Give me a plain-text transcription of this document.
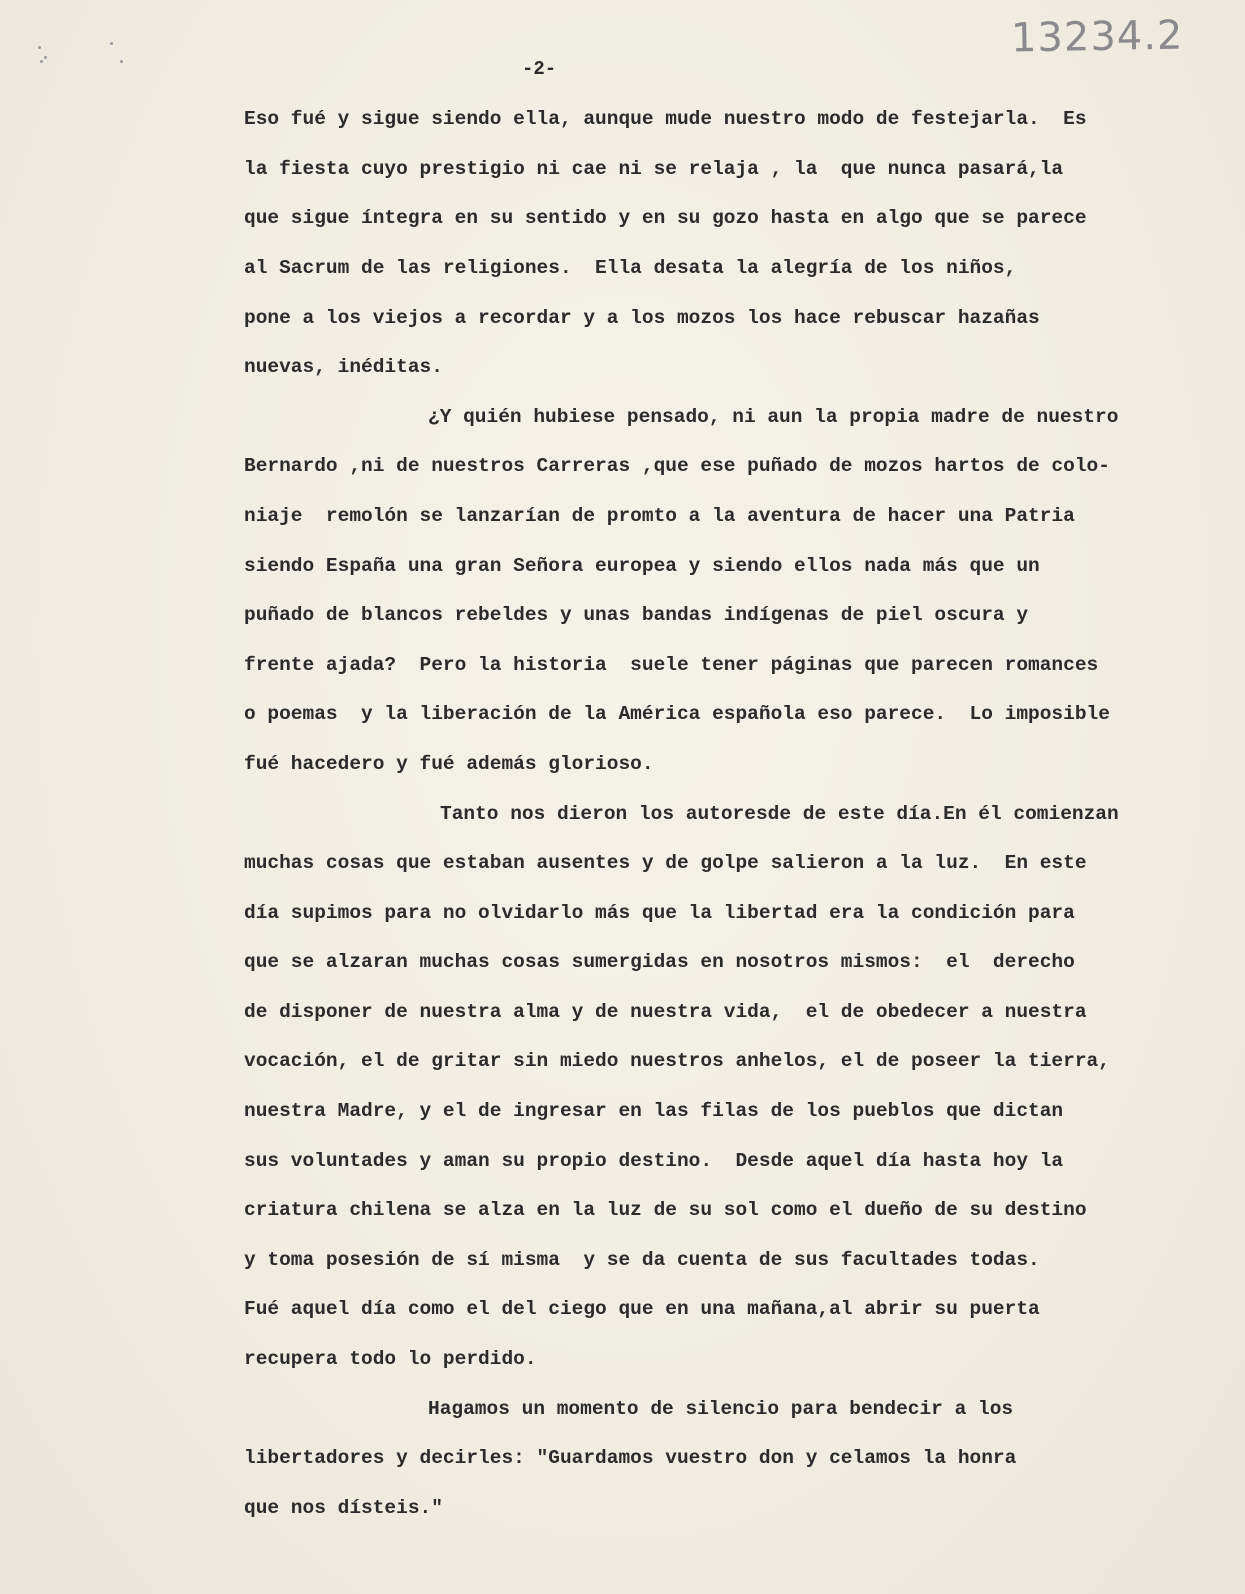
13234.2
-2-
Eso fué y sigue siendo ella, aunque mude nuestro modo de festejarla.  Es
la fiesta cuyo prestigio ni cae ni se relaja , la  que nunca pasará,la
que sigue íntegra en su sentido y en su gozo hasta en algo que se parece
al Sacrum de las religiones.  Ella desata la alegría de los niños,
pone a los viejos a recordar y a los mozos los hace rebuscar hazañas
nuevas, inéditas.
¿Y quién hubiese pensado, ni aun la propia madre de nuestro
Bernardo ,ni de nuestros Carreras ,que ese puñado de mozos hartos de colo-
niaje  remolón se lanzarían de promto a la aventura de hacer una Patria
siendo España una gran Señora europea y siendo ellos nada más que un
puñado de blancos rebeldes y unas bandas indígenas de piel oscura y
frente ajada?  Pero la historia  suele tener páginas que parecen romances
o poemas  y la liberación de la América española eso parece.  Lo imposible
fué hacedero y fué además glorioso.
Tanto nos dieron los autoresde de este día.En él comienzan
muchas cosas que estaban ausentes y de golpe salieron a la luz.  En este
día supimos para no olvidarlo más que la libertad era la condición para
que se alzaran muchas cosas sumergidas en nosotros mismos:  el  derecho
de disponer de nuestra alma y de nuestra vida,  el de obedecer a nuestra
vocación, el de gritar sin miedo nuestros anhelos, el de poseer la tierra,
nuestra Madre, y el de ingresar en las filas de los pueblos que dictan
sus voluntades y aman su propio destino.  Desde aquel día hasta hoy la
criatura chilena se alza en la luz de su sol como el dueño de su destino
y toma posesión de sí misma  y se da cuenta de sus facultades todas.
Fué aquel día como el del ciego que en una mañana,al abrir su puerta
recupera todo lo perdido.
Hagamos un momento de silencio para bendecir a los
libertadores y decirles: "Guardamos vuestro don y celamos la honra
que nos dísteis."
